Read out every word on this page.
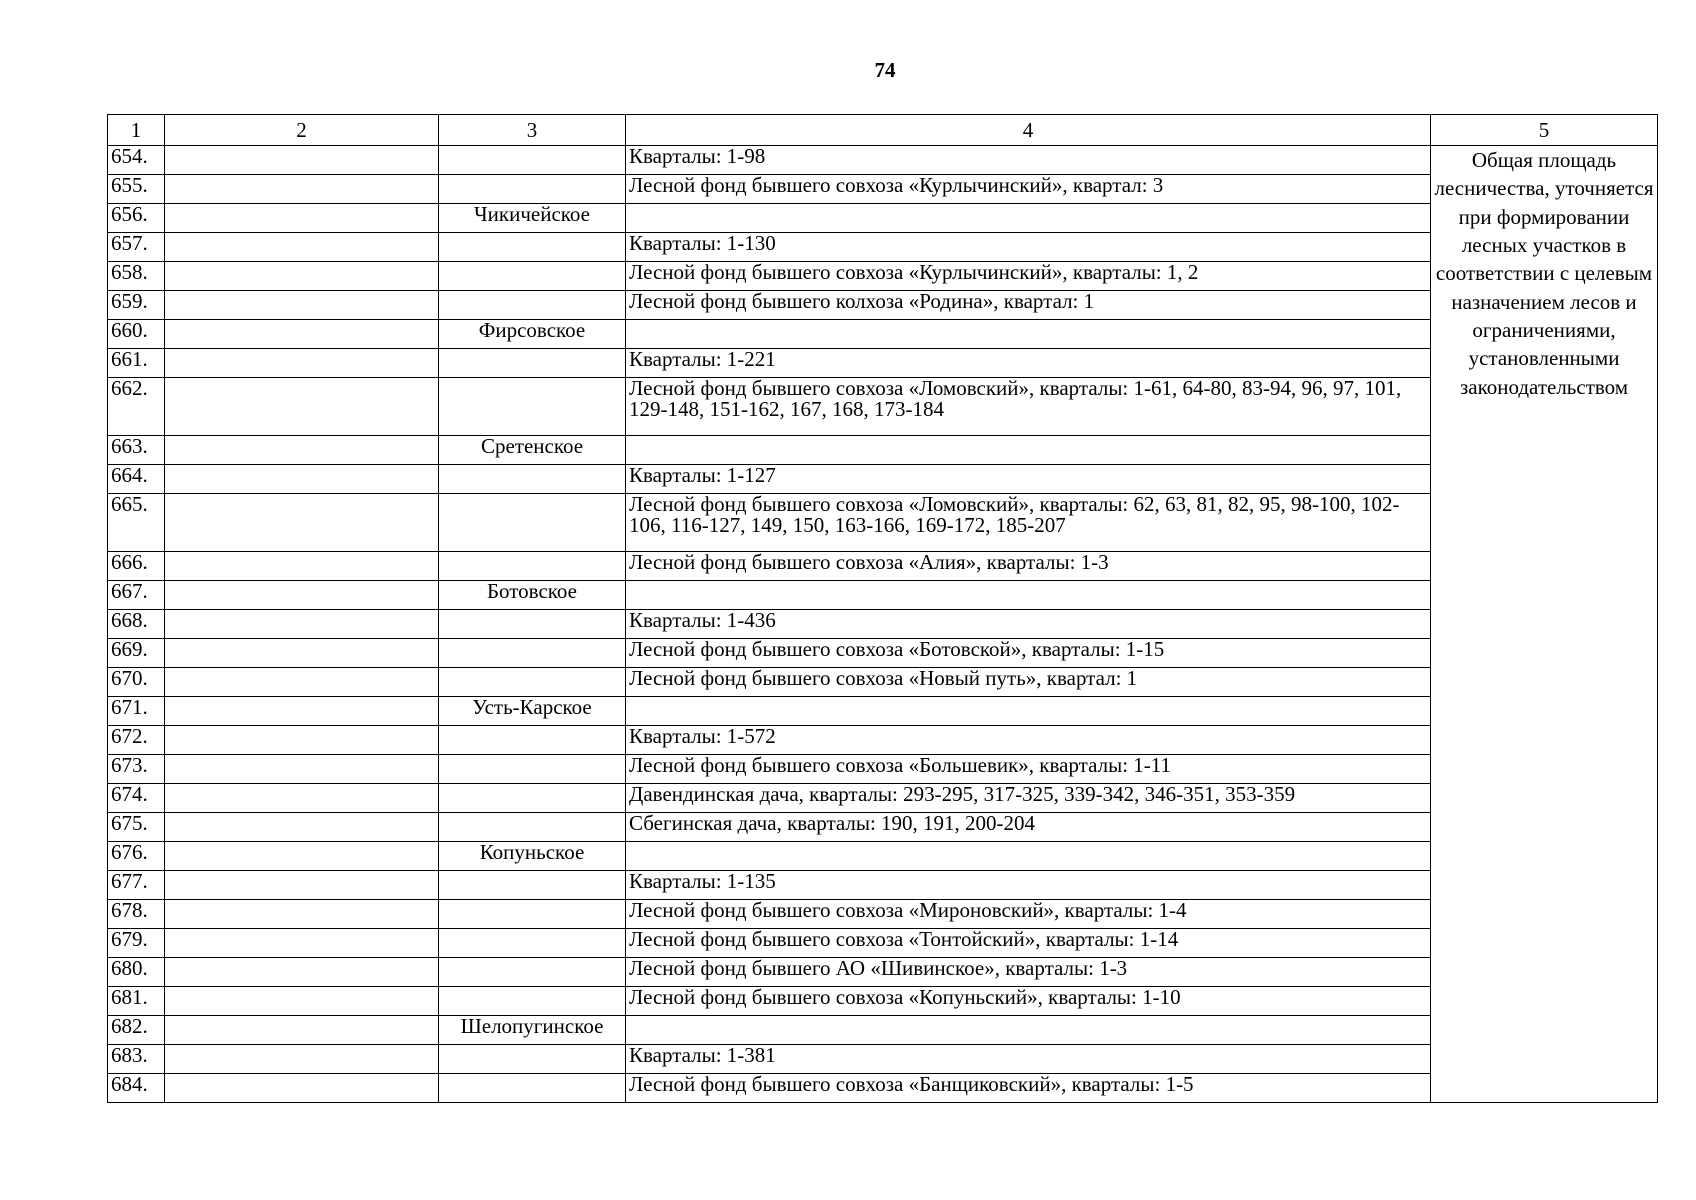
74
1	2	3	4	5
654.			Кварталы: 1-98	Общая площадь лесничества, уточняется при формировании лесных участков в соответствии с целевым назначением лесов и ограничениями, установленными законодательством
655.			Лесной фонд бывшего совхоза «Курлычинский», квартал: 3	
656.		Чикичейское		
657.			Кварталы: 1-130	
658.			Лесной фонд бывшего совхоза «Курлычинский», кварталы: 1, 2	
659.			Лесной фонд бывшего колхоза «Родина», квартал: 1	
660.		Фирсовское		
661.			Кварталы: 1-221	
662.			Лесной фонд бывшего совхоза «Ломовский», кварталы: 1-61, 64-80, 83-94, 96, 97, 101, 129-148, 151-162, 167, 168, 173-184	
663.		Сретенское		
664.			Кварталы: 1-127	
665.			Лесной фонд бывшего совхоза «Ломовский», кварталы: 62, 63, 81, 82, 95, 98-100, 102-106, 116-127, 149, 150, 163-166, 169-172, 185-207	
666.			Лесной фонд бывшего совхоза «Алия», кварталы: 1-3	
667.		Ботовское		
668.			Кварталы: 1-436	
669.			Лесной фонд бывшего совхоза «Ботовской», кварталы: 1-15	
670.			Лесной фонд бывшего совхоза «Новый путь», квартал: 1	
671.		Усть-Карское		
672.			Кварталы: 1-572	
673.			Лесной фонд бывшего совхоза «Большевик», кварталы: 1-11	
674.			Давендинская дача, кварталы: 293-295, 317-325, 339-342, 346-351, 353-359	
675.			Сбегинская дача, кварталы: 190, 191, 200-204	
676.		Копуньское		
677.			Кварталы: 1-135	
678.			Лесной фонд бывшего совхоза «Мироновский», кварталы: 1-4	
679.			Лесной фонд бывшего совхоза «Тонтойский», кварталы: 1-14	
680.			Лесной фонд бывшего АО «Шивинское», кварталы: 1-3	
681.			Лесной фонд бывшего совхоза «Копуньский», кварталы: 1-10	
682.		Шелопугинское		
683.			Кварталы: 1-381	
684.			Лесной фонд бывшего совхоза «Банщиковский», кварталы: 1-5	
